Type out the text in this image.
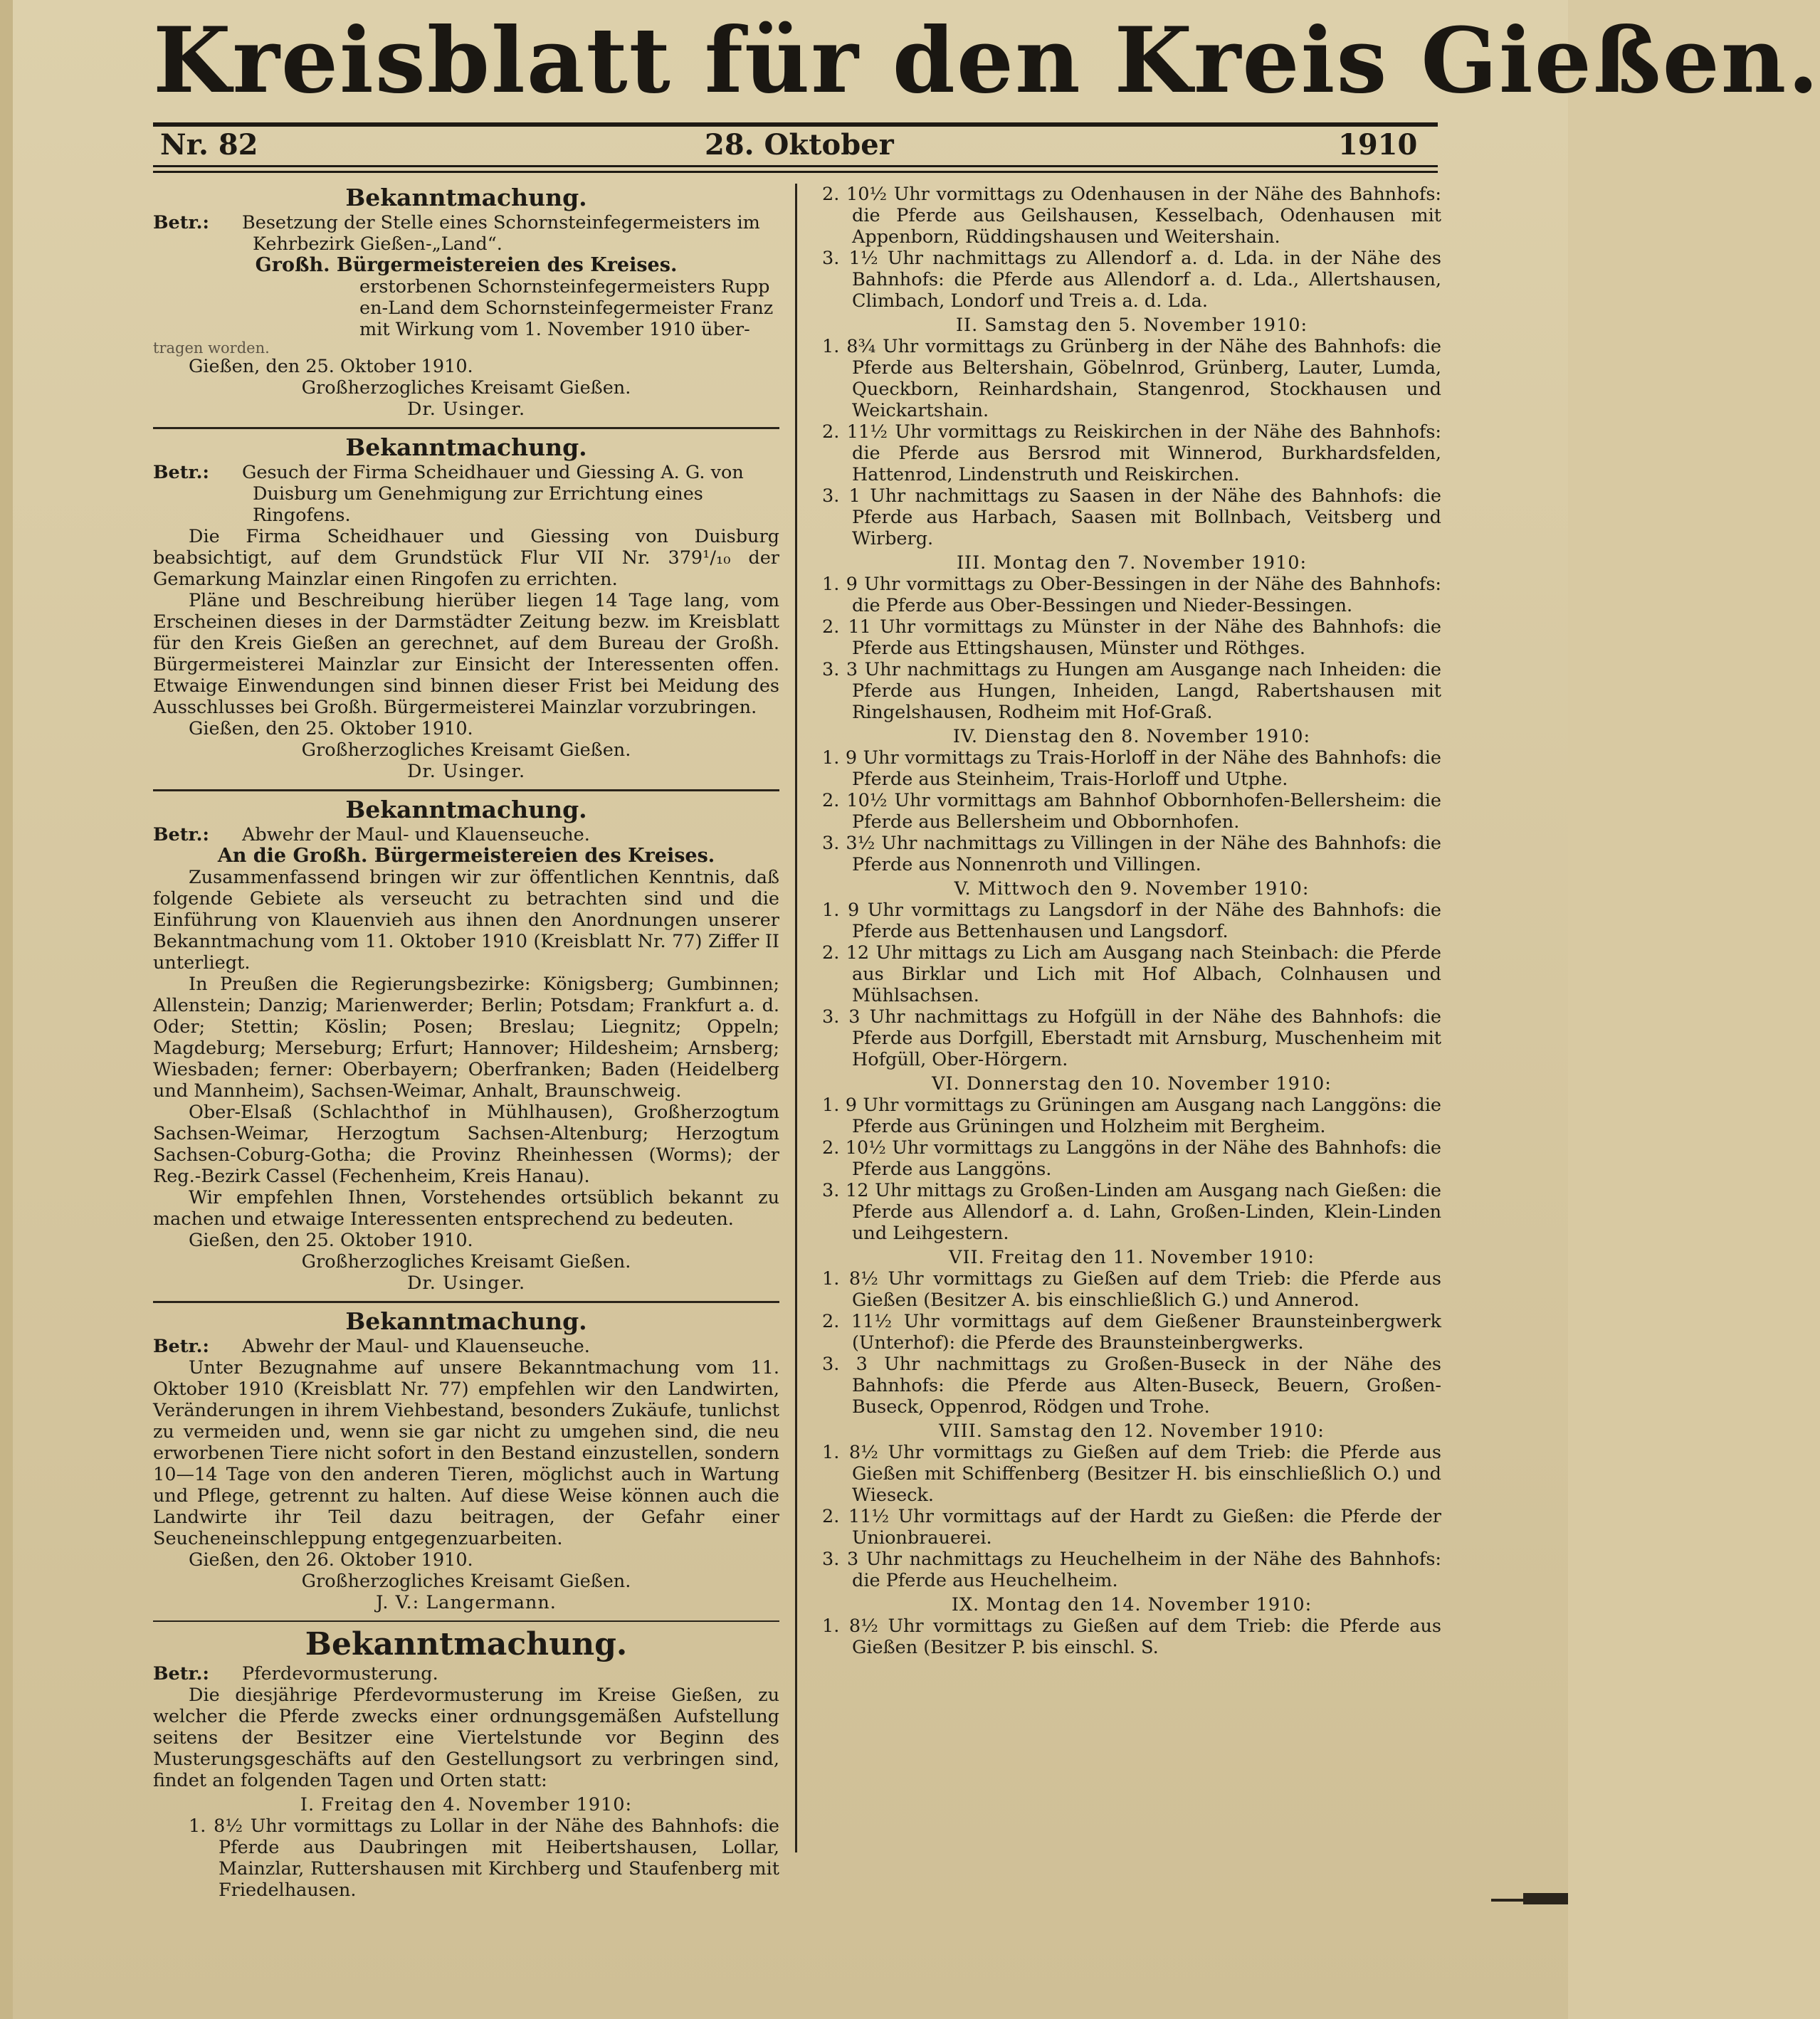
Kreisblatt für den Kreis Gießen.
Nr. 82	28. Oktober	1910
Bekanntmachung.
Betr.: Besetzung der Stelle eines Schornsteinfegermeisters im Kehrbezirk Gießen-„Land“.
Großh. Bürgermeistereien des Kreises.
erstorbenen Schornsteinfegermeisters Rupp
en-Land dem Schornsteinfegermeister Franz
mit Wirkung vom 1. November 1910 über-
tragen worden.
Gießen, den 25. Oktober 1910.
Großherzogliches Kreisamt Gießen.
Dr. Usinger.
Bekanntmachung.
Betr.: Gesuch der Firma Scheidhauer und Giessing A. G. von Duisburg um Genehmigung zur Errichtung eines Ringofens.
Die Firma Scheidhauer und Giessing von Duisburg beabsichtigt, auf dem Grundstück Flur VII Nr. 379¹/₁₀ der Gemarkung Mainzlar einen Ringofen zu errichten.
Pläne und Beschreibung hierüber liegen 14 Tage lang, vom Erscheinen dieses in der Darmstädter Zeitung bezw. im Kreisblatt für den Kreis Gießen an gerechnet, auf dem Bureau der Großh. Bürgermeisterei Mainzlar zur Einsicht der Interessenten offen. Etwaige Einwendungen sind binnen dieser Frist bei Meidung des Ausschlusses bei Großh. Bürgermeisterei Mainzlar vorzubringen.
Gießen, den 25. Oktober 1910.
Großherzogliches Kreisamt Gießen.
Dr. Usinger.
Bekanntmachung.
Betr.: Abwehr der Maul- und Klauenseuche.
An die Großh. Bürgermeistereien des Kreises.
Zusammenfassend bringen wir zur öffentlichen Kenntnis, daß folgende Gebiete als verseucht zu betrachten sind und die Einführung von Klauenvieh aus ihnen den Anordnungen unserer Bekanntmachung vom 11. Oktober 1910 (Kreisblatt Nr. 77) Ziffer II unterliegt.
In Preußen die Regierungsbezirke: Königsberg; Gumbinnen; Allenstein; Danzig; Marienwerder; Berlin; Potsdam; Frankfurt a. d. Oder; Stettin; Köslin; Posen; Breslau; Liegnitz; Oppeln; Magdeburg; Merseburg; Erfurt; Hannover; Hildesheim; Arnsberg; Wiesbaden; ferner: Oberbayern; Oberfranken; Baden (Heidelberg und Mannheim), Sachsen-Weimar, Anhalt, Braunschweig.
Ober-Elsaß (Schlachthof in Mühlhausen), Großherzogtum Sachsen-Weimar, Herzogtum Sachsen-Altenburg; Herzogtum Sachsen-Coburg-Gotha; die Provinz Rheinhessen (Worms); der Reg.-Bezirk Cassel (Fechenheim, Kreis Hanau).
Wir empfehlen Ihnen, Vorstehendes ortsüblich bekannt zu machen und etwaige Interessenten entsprechend zu bedeuten.
Gießen, den 25. Oktober 1910.
Großherzogliches Kreisamt Gießen.
Dr. Usinger.
Bekanntmachung.
Betr.: Abwehr der Maul- und Klauenseuche.
Unter Bezugnahme auf unsere Bekanntmachung vom 11. Oktober 1910 (Kreisblatt Nr. 77) empfehlen wir den Landwirten, Veränderungen in ihrem Viehbestand, besonders Zukäufe, tunlichst zu vermeiden und, wenn sie gar nicht zu umgehen sind, die neu erworbenen Tiere nicht sofort in den Bestand einzustellen, sondern 10—14 Tage von den anderen Tieren, möglichst auch in Wartung und Pflege, getrennt zu halten. Auf diese Weise können auch die Landwirte ihr Teil dazu beitragen, der Gefahr einer Seucheneinschleppung entgegenzuarbeiten.
Gießen, den 26. Oktober 1910.
Großherzogliches Kreisamt Gießen.
J. V.: Langermann.
Bekanntmachung.
Betr.: Pferdevormusterung.
Die diesjährige Pferdevormusterung im Kreise Gießen, zu welcher die Pferde zwecks einer ordnungsgemäßen Aufstellung seitens der Besitzer eine Viertelstunde vor Beginn des Musterungsgeschäfts auf den Gestellungsort zu verbringen sind, findet an folgenden Tagen und Orten statt:
I. Freitag den 4. November 1910:
1. 8½ Uhr vormittags zu Lollar in der Nähe des Bahnhofs: die Pferde aus Daubringen mit Heibertshausen, Lollar, Mainzlar, Ruttershausen mit Kirchberg und Staufenberg mit Friedelhausen.
2. 10½ Uhr vormittags zu Odenhausen in der Nähe des Bahnhofs: die Pferde aus Geilshausen, Kesselbach, Odenhausen mit Appenborn, Rüddingshausen und Weitershain.
3. 1½ Uhr nachmittags zu Allendorf a. d. Lda. in der Nähe des Bahnhofs: die Pferde aus Allendorf a. d. Lda., Allertshausen, Climbach, Londorf und Treis a. d. Lda.
II. Samstag den 5. November 1910:
1. 8¾ Uhr vormittags zu Grünberg in der Nähe des Bahnhofs: die Pferde aus Beltershain, Göbelnrod, Grünberg, Lauter, Lumda, Queckborn, Reinhardshain, Stangenrod, Stockhausen und Weickartshain.
2. 11½ Uhr vormittags zu Reiskirchen in der Nähe des Bahnhofs: die Pferde aus Bersrod mit Winnerod, Burkhardsfelden, Hattenrod, Lindenstruth und Reiskirchen.
3. 1 Uhr nachmittags zu Saasen in der Nähe des Bahnhofs: die Pferde aus Harbach, Saasen mit Bollnbach, Veitsberg und Wirberg.
III. Montag den 7. November 1910:
1. 9 Uhr vormittags zu Ober-Bessingen in der Nähe des Bahnhofs: die Pferde aus Ober-Bessingen und Nieder-Bessingen.
2. 11 Uhr vormittags zu Münster in der Nähe des Bahnhofs: die Pferde aus Ettingshausen, Münster und Röthges.
3. 3 Uhr nachmittags zu Hungen am Ausgange nach Inheiden: die Pferde aus Hungen, Inheiden, Langd, Rabertshausen mit Ringelshausen, Rodheim mit Hof-Graß.
IV. Dienstag den 8. November 1910:
1. 9 Uhr vormittags zu Trais-Horloff in der Nähe des Bahnhofs: die Pferde aus Steinheim, Trais-Horloff und Utphe.
2. 10½ Uhr vormittags am Bahnhof Obbornhofen-Bellersheim: die Pferde aus Bellersheim und Obbornhofen.
3. 3½ Uhr nachmittags zu Villingen in der Nähe des Bahnhofs: die Pferde aus Nonnenroth und Villingen.
V. Mittwoch den 9. November 1910:
1. 9 Uhr vormittags zu Langsdorf in der Nähe des Bahnhofs: die Pferde aus Bettenhausen und Langsdorf.
2. 12 Uhr mittags zu Lich am Ausgang nach Steinbach: die Pferde aus Birklar und Lich mit Hof Albach, Colnhausen und Mühlsachsen.
3. 3 Uhr nachmittags zu Hofgüll in der Nähe des Bahnhofs: die Pferde aus Dorfgill, Eberstadt mit Arnsburg, Muschenheim mit Hofgüll, Ober-Hörgern.
VI. Donnerstag den 10. November 1910:
1. 9 Uhr vormittags zu Grüningen am Ausgang nach Langgöns: die Pferde aus Grüningen und Holzheim mit Bergheim.
2. 10½ Uhr vormittags zu Langgöns in der Nähe des Bahnhofs: die Pferde aus Langgöns.
3. 12 Uhr mittags zu Großen-Linden am Ausgang nach Gießen: die Pferde aus Allendorf a. d. Lahn, Großen-Linden, Klein-Linden und Leihgestern.
VII. Freitag den 11. November 1910:
1. 8½ Uhr vormittags zu Gießen auf dem Trieb: die Pferde aus Gießen (Besitzer A. bis einschließlich G.) und Annerod.
2. 11½ Uhr vormittags auf dem Gießener Braunsteinbergwerk (Unterhof): die Pferde des Braunsteinbergwerks.
3. 3 Uhr nachmittags zu Großen-Buseck in der Nähe des Bahnhofs: die Pferde aus Alten-Buseck, Beuern, Großen-Buseck, Oppenrod, Rödgen und Trohe.
VIII. Samstag den 12. November 1910:
1. 8½ Uhr vormittags zu Gießen auf dem Trieb: die Pferde aus Gießen mit Schiffenberg (Besitzer H. bis einschließlich O.) und Wieseck.
2. 11½ Uhr vormittags auf der Hardt zu Gießen: die Pferde der Unionbrauerei.
3. 3 Uhr nachmittags zu Heuchelheim in der Nähe des Bahnhofs: die Pferde aus Heuchelheim.
IX. Montag den 14. November 1910:
1. 8½ Uhr vormittags zu Gießen auf dem Trieb: die Pferde aus Gießen (Besitzer P. bis einschl. S.
